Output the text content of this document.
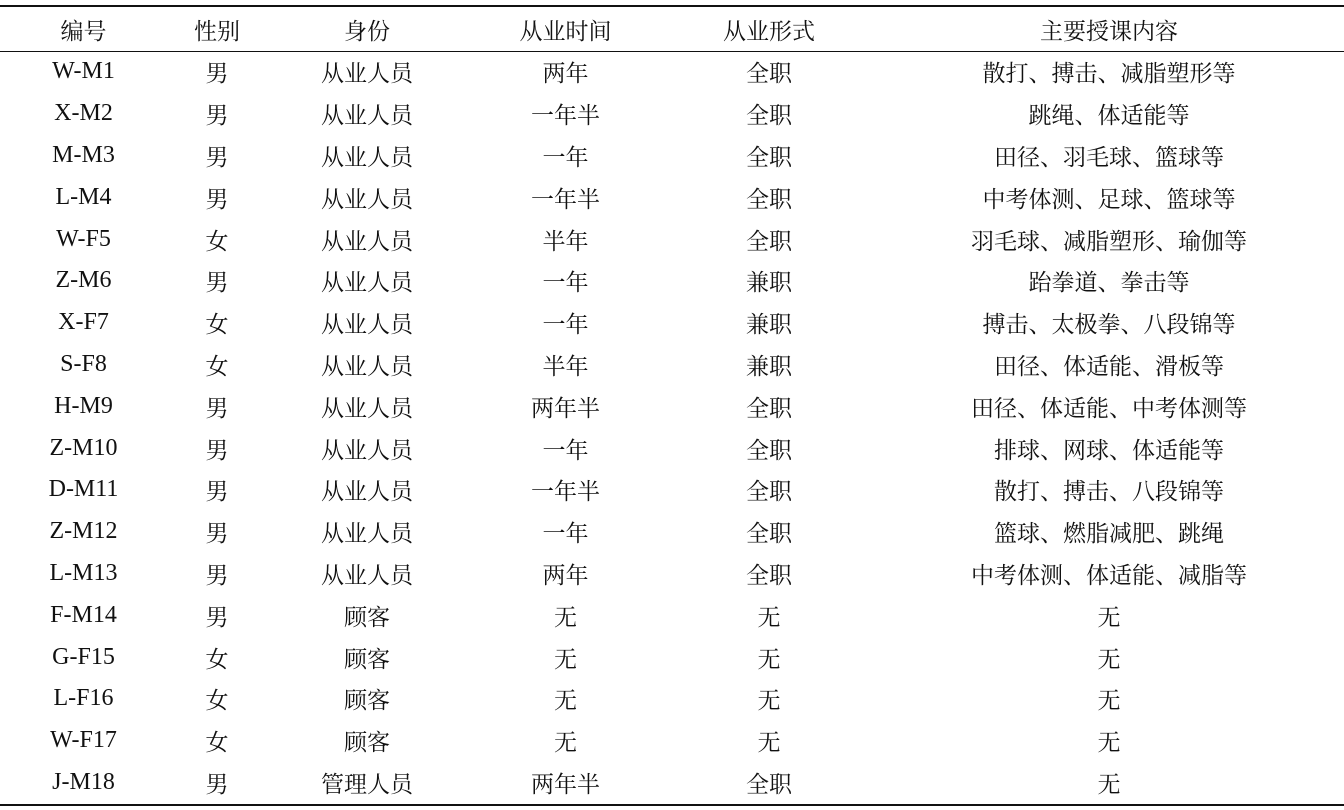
编号	性别	身份	从业时间	从业形式	主要授课内容
W-M1	男	从业人员	两年	全职	散打、搏击、减脂塑形等
X-M2	男	从业人员	一年半	全职	跳绳、体适能等
M-M3	男	从业人员	一年	全职	田径、羽毛球、篮球等
L-M4	男	从业人员	一年半	全职	中考体测、足球、篮球等
W-F5	女	从业人员	半年	全职	羽毛球、减脂塑形、瑜伽等
Z-M6	男	从业人员	一年	兼职	跆拳道、拳击等
X-F7	女	从业人员	一年	兼职	搏击、太极拳、八段锦等
S-F8	女	从业人员	半年	兼职	田径、体适能、滑板等
H-M9	男	从业人员	两年半	全职	田径、体适能、中考体测等
Z-M10	男	从业人员	一年	全职	排球、网球、体适能等
D-M11	男	从业人员	一年半	全职	散打、搏击、八段锦等
Z-M12	男	从业人员	一年	全职	篮球、燃脂减肥、跳绳
L-M13	男	从业人员	两年	全职	中考体测、体适能、减脂等
F-M14	男	顾客	无	无	无
G-F15	女	顾客	无	无	无
L-F16	女	顾客	无	无	无
W-F17	女	顾客	无	无	无
J-M18	男	管理人员	两年半	全职	无
